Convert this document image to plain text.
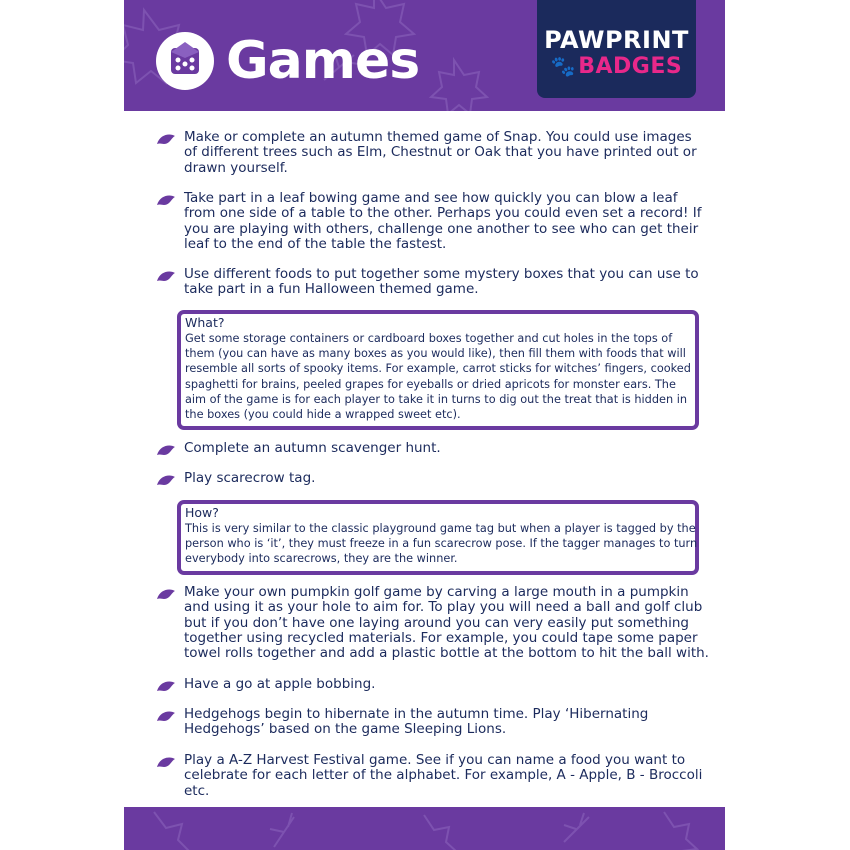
Games	PAWPRINT
🐾BADGES
Make or complete an autumn themed game of Snap. You could use images
of different trees such as Elm, Chestnut or Oak that you have printed out or
drawn yourself.
Take part in a leaf bowing game and see how quickly you can blow a leaf
from one side of a table to the other. Perhaps you could even set a record! If
you are playing with others, challenge one another to see who can get their
leaf to the end of the table the fastest.
Use different foods to put together some mystery boxes that you can use to
take part in a fun Halloween themed game.
What?
Get some storage containers or cardboard boxes together and cut holes in the tops of
them (you can have as many boxes as you would like), then fill them with foods that will
resemble all sorts of spooky items. For example, carrot sticks for witches’ fingers, cooked
spaghetti for brains, peeled grapes for eyeballs or dried apricots for monster ears. The
aim of the game is for each player to take it in turns to dig out the treat that is hidden in
the boxes (you could hide a wrapped sweet etc).
Complete an autumn scavenger hunt.
Play scarecrow tag.
How?
This is very similar to the classic playground game tag but when a player is tagged by the
person who is ‘it’, they must freeze in a fun scarecrow pose. If the tagger manages to turn
everybody into scarecrows, they are the winner.
Make your own pumpkin golf game by carving a large mouth in a pumpkin
and using it as your hole to aim for. To play you will need a ball and golf club
but if you don’t have one laying around you can very easily put something
together using recycled materials. For example, you could tape some paper
towel rolls together and add a plastic bottle at the bottom to hit the ball with.
Have a go at apple bobbing.
Hedgehogs begin to hibernate in the autumn time. Play ‘Hibernating
Hedgehogs’ based on the game Sleeping Lions.
Play a A-Z Harvest Festival game. See if you can name a food you want to
celebrate for each letter of the alphabet. For example, A - Apple, B - Broccoli
etc.
